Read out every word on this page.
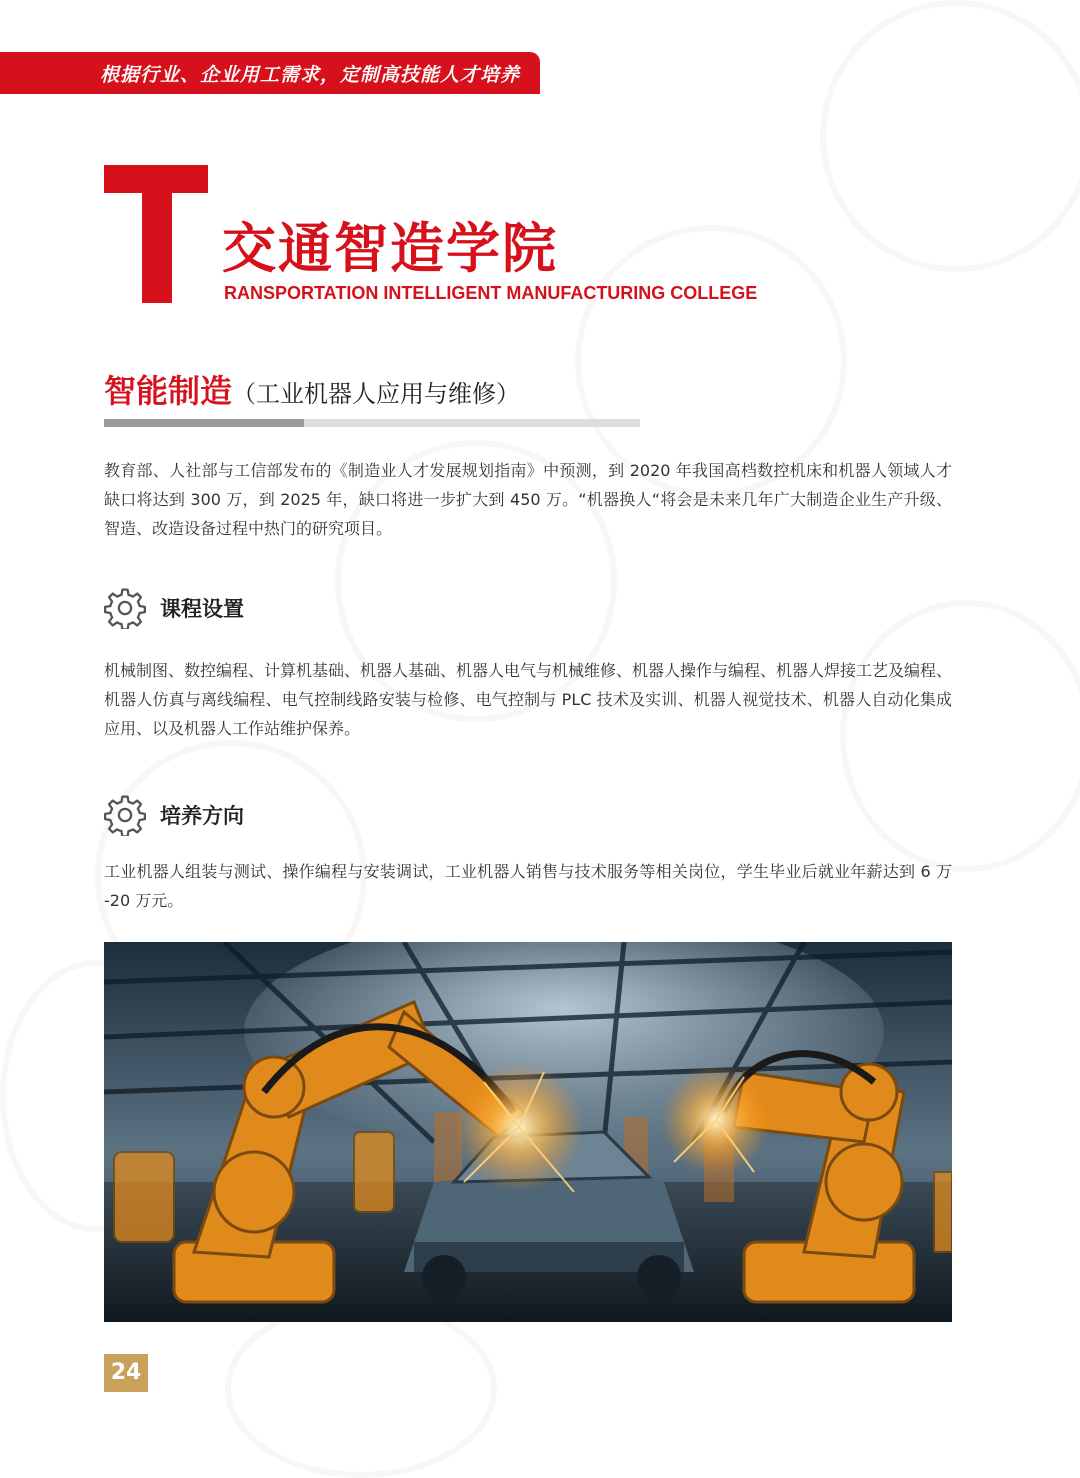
根据行业、企业用工需求，定制高技能人才培养
交通智造学院
RANSPORTATION INTELLIGENT MANUFACTURING COLLEGE
智能制造（工业机器人应用与维修）

教育部、人社部与工信部发布的《制造业人才发展规划指南》中预测，到 2020 年我国高档数控机床和机器人领域人才缺口将达到 300 万，到 2025 年，缺口将进一步扩大到 450 万。“机器换人“将会是未来几年广大制造企业生产升级、智造、改造设备过程中热门的研究项目。

课程设置

机械制图、数控编程、计算机基础、机器人基础、机器人电气与机械维修、机器人操作与编程、机器人焊接工艺及编程、机器人仿真与离线编程、电气控制线路安装与检修、电气控制与 PLC 技术及实训、机器人视觉技术、机器人自动化集成应用、以及机器人工作站维护保养。

培养方向

工业机器人组装与测试、操作编程与安装调试，工业机器人销售与技术服务等相关岗位，学生毕业后就业年薪达到 6 万 -20 万元。

24
